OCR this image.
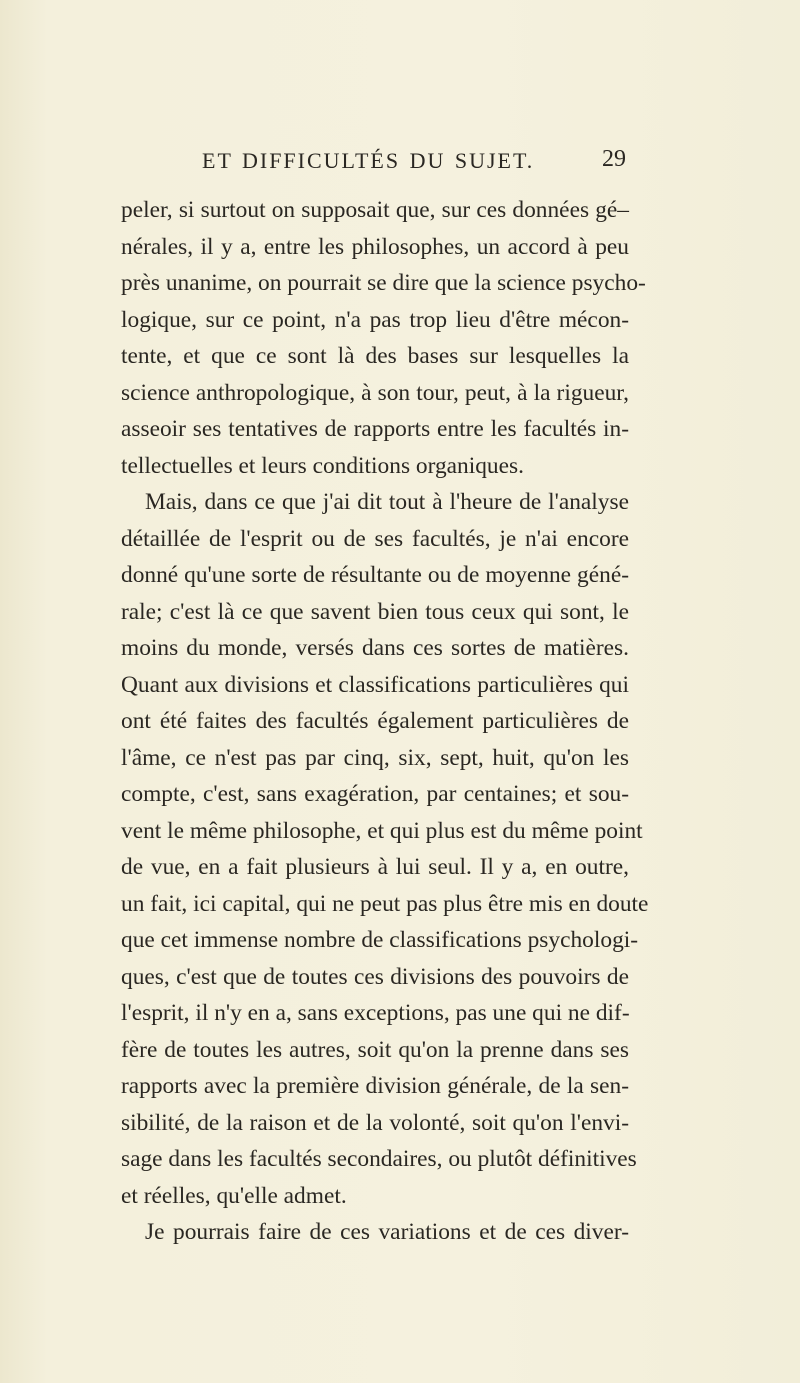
ET DIFFICULTÉS DU SUJET.	29
peler, si surtout on supposait que, sur ces données gé–
nérales, il y a, entre les philosophes, un accord à peu
près unanime, on pourrait se dire que la science psycho-
logique, sur ce point, n'a pas trop lieu d'être mécon-
tente, et que ce sont là des bases sur lesquelles la
science anthropologique, à son tour, peut, à la rigueur,
asseoir ses tentatives de rapports entre les facultés in-
tellectuelles et leurs conditions organiques.
Mais, dans ce que j'ai dit tout à l'heure de l'analyse
détaillée de l'esprit ou de ses facultés, je n'ai encore
donné qu'une sorte de résultante ou de moyenne géné-
rale; c'est là ce que savent bien tous ceux qui sont, le
moins du monde, versés dans ces sortes de matières.
Quant aux divisions et classifications particulières qui
ont été faites des facultés également particulières de
l'âme, ce n'est pas par cinq, six, sept, huit, qu'on les
compte, c'est, sans exagération, par centaines; et sou-
vent le même philosophe, et qui plus est du même point
de vue, en a fait plusieurs à lui seul. Il y a, en outre,
un fait, ici capital, qui ne peut pas plus être mis en doute
que cet immense nombre de classifications psychologi-
ques, c'est que de toutes ces divisions des pouvoirs de
l'esprit, il n'y en a, sans exceptions, pas une qui ne dif-
fère de toutes les autres, soit qu'on la prenne dans ses
rapports avec la première division générale, de la sen-
sibilité, de la raison et de la volonté, soit qu'on l'envi-
sage dans les facultés secondaires, ou plutôt définitives
et réelles, qu'elle admet.
Je pourrais faire de ces variations et de ces diver-
